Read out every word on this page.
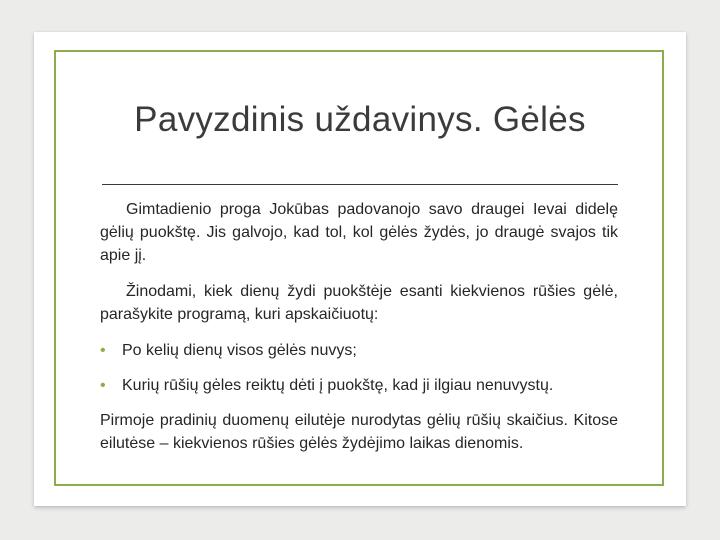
Pavyzdinis uždavinys. Gėlės

Gimtadienio proga Jokūbas padovanojo savo draugei Ievai didelę gėlių puokštę. Jis galvojo, kad tol, kol gėlės žydės, jo draugė svajos tik apie jį.

Žinodami, kiek dienų žydi puokštėje esanti kiekvienos rūšies gėlė, parašykite programą, kuri apskaičiuotų:

• Po kelių dienų visos gėlės nuvys;
• Kurių rūšių gėles reiktų dėti į puokštę, kad ji ilgiau nenuvystų.

Pirmoje pradinių duomenų eilutėje nurodytas gėlių rūšių skaičius. Kitose eilutėse – kiekvienos rūšies gėlės žydėjimo laikas dienomis.
